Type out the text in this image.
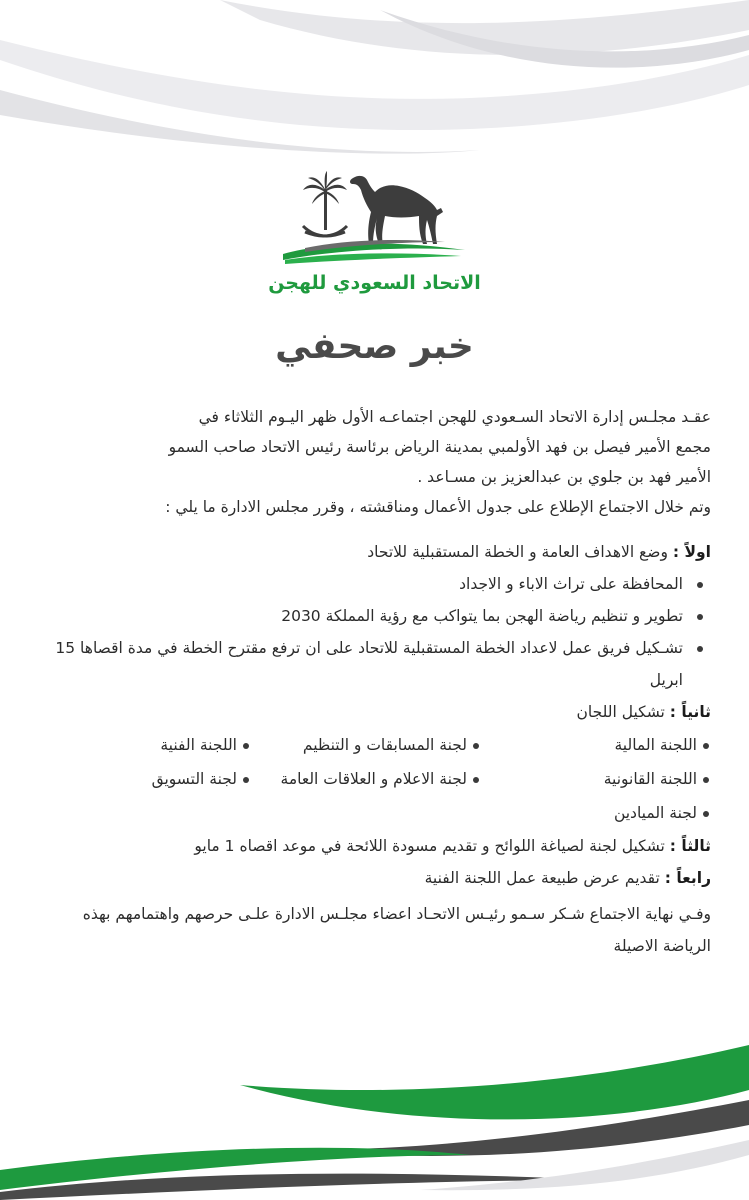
الاتحاد السعودي للهجن
خبر صحفي

عقـد مجلـس إدارة الاتحاد السـعودي للهجن اجتماعـه الأول ظهر اليـوم الثلاثاء في

مجمع الأمير فيصل بن فهد الأولمبي بمدينة الرياض برئاسة رئيس الاتحاد صاحب السمو

الأمير فهد بن جلوي بن عبدالعزيز بن مسـاعد .

وتم خلال الاجتماع الإطلاع على جدول الأعمال ومناقشته ، وقرر مجلس الادارة ما يلي :

اولاً : وضع الاهداف العامة و الخطة المستقبلية للاتحاد

المحافظة على تراث الاباء و الاجداد
تطوير و تنظيم رياضة الهجن بما يتواكب مع رؤية المملكة 2030
تشـكيل فريق عمل لاعداد الخطة المستقبلية للاتحاد على ان ترفع مقترح الخطة في مدة اقصاها 15 ابريل

ثانياً : تشكيل اللجان

اللجنة المالية
لجنة المسابقات و التنظيم
اللجنة الفنية
اللجنة القانونية
لجنة الاعلام و العلاقات العامة
لجنة التسويق
لجنة الميادين

ثالثاً : تشكيل لجنة لصياغة اللوائح و تقديم مسودة اللائحة في موعد اقصاه 1 مايو

رابعاً : تقديم عرض طبيعة عمل اللجنة الفنية

وفـي نهاية الاجتماع شـكر سـمو رئيـس الاتحـاد اعضاء مجلـس الادارة علـى حرصهم واهتمامهم بهذه الرياضة الاصيلة
